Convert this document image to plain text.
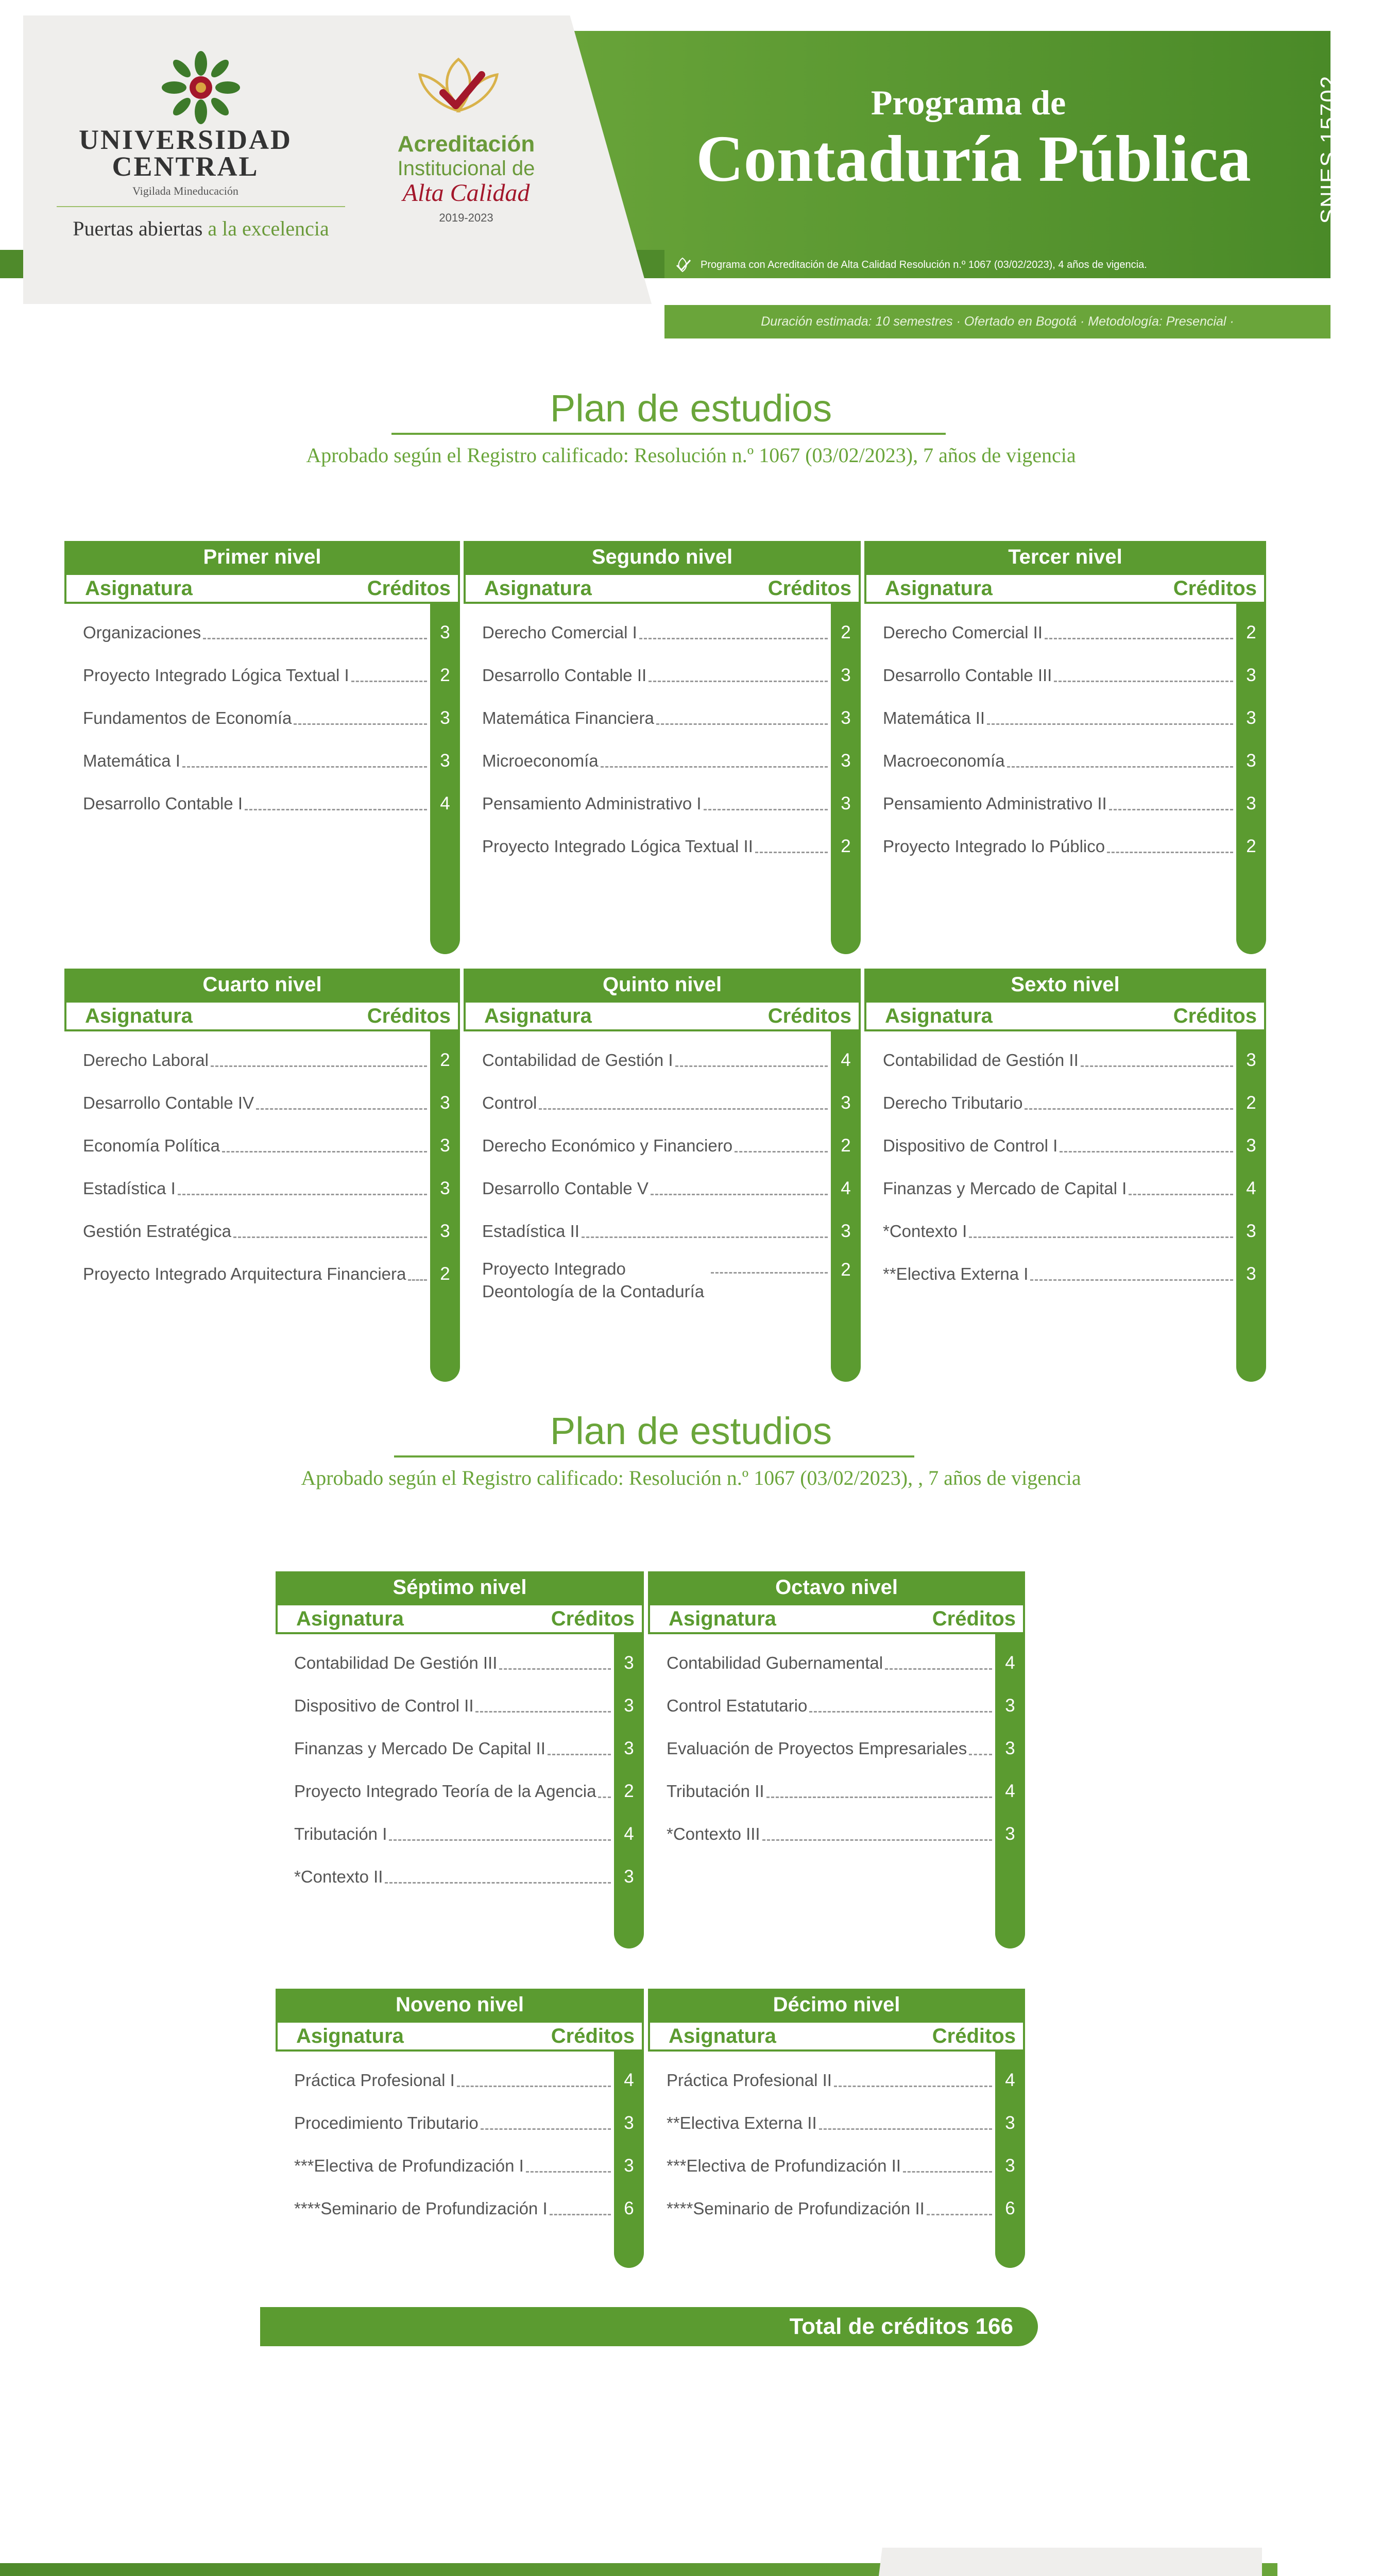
UNIVERSIDAD
CENTRAL
Vigilada Mineducación
Puertas abiertas a la excelencia
Acreditación
Institucional de
Alta Calidad
2019-2023
Programa de
Contaduría Pública	SNIES 15702
Programa con Acreditación de Alta Calidad Resolución n.º 1067 (03/02/2023), 4 años de vigencia.
Duración estimada: 10 semestres · Ofertado en Bogotá · Metodología: Presencial ·
Plan de estudios
Aprobado según el Registro calificado: Resolución n.º 1067 (03/02/2023), 7 años de vigencia
Plan de estudios
Aprobado según el Registro calificado: Resolución n.º 1067 (03/02/2023), , 7 años de vigencia
Primer nivel
Asignatura	Créditos
Organizaciones	3
Proyecto Integrado Lógica Textual I	2
Fundamentos de Economía	3
Matemática I	3
Desarrollo Contable I	4
Segundo nivel
Asignatura	Créditos
Derecho Comercial I	2
Desarrollo Contable II	3
Matemática Financiera	3
Microeconomía	3
Pensamiento Administrativo I	3
Proyecto Integrado Lógica Textual II	2
Tercer nivel
Asignatura	Créditos
Derecho Comercial II	2
Desarrollo Contable III	3
Matemática II	3
Macroeconomía	3
Pensamiento Administrativo II	3
Proyecto Integrado lo Público	2
Cuarto nivel
Asignatura	Créditos
Derecho Laboral	2
Desarrollo Contable IV	3
Economía Política	3
Estadística I	3
Gestión Estratégica	3
Proyecto Integrado Arquitectura Financiera	2
Quinto nivel
Asignatura	Créditos
Contabilidad de Gestión I	4
Control	3
Derecho Económico y Financiero	2
Desarrollo Contable V	4
Estadística II	3
Proyecto Integrado Deontología de la Contaduría
2
Sexto nivel
Asignatura	Créditos
Contabilidad de Gestión II	3
Derecho Tributario	2
Dispositivo de Control I	3
Finanzas y Mercado de Capital I	4
*Contexto I	3
**Electiva Externa I	3
Séptimo nivel
Asignatura	Créditos
Contabilidad De Gestión III	3
Dispositivo de Control II	3
Finanzas y Mercado De Capital II	3
Proyecto Integrado Teoría de la Agencia	2
Tributación I	4
*Contexto II	3
Octavo nivel
Asignatura	Créditos
Contabilidad Gubernamental	4
Control Estatutario	3
Evaluación de Proyectos Empresariales	3
Tributación II	4
*Contexto III	3
Noveno nivel
Asignatura	Créditos
Práctica Profesional I	4
Procedimiento Tributario	3
***Electiva de Profundización I	3
****Seminario de Profundización I	6
Décimo nivel
Asignatura	Créditos
Práctica Profesional II	4
**Electiva Externa II	3
***Electiva de Profundización II	3
****Seminario de Profundización II	6
Total de créditos 166
